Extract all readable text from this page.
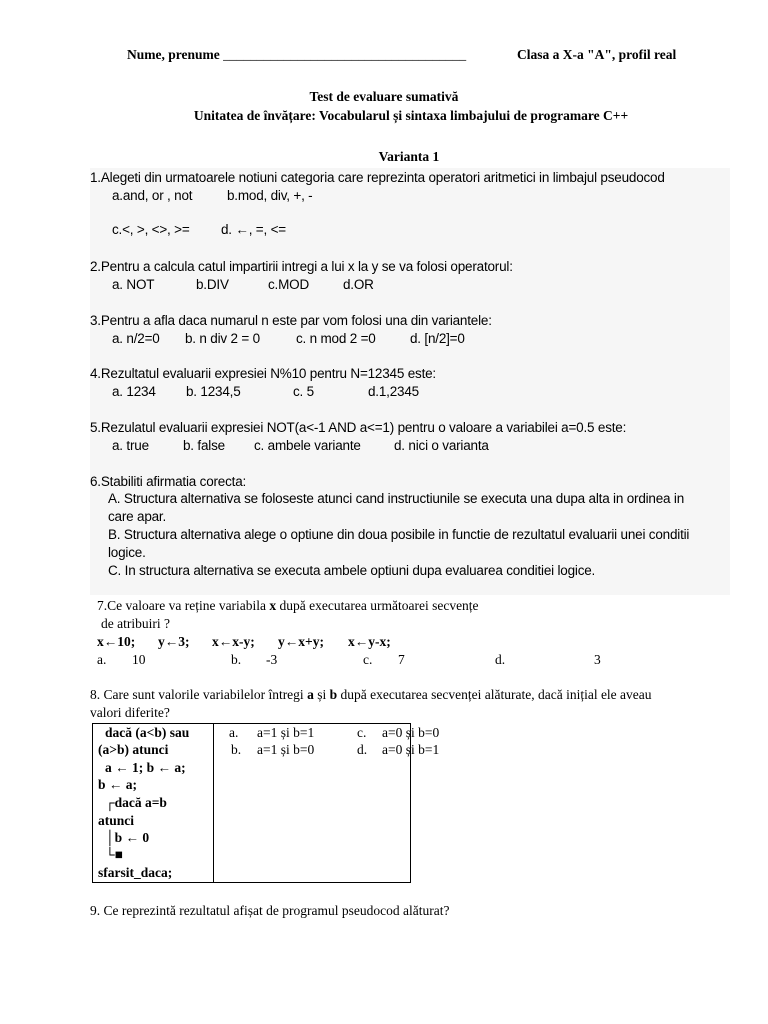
Nume, prenume ____________________________________	Clasa a X-a "A", profil real
Test de evaluare sumativă
Unitatea de învățare: Vocabularul și sintaxa limbajului de programare C++
Varianta 1
1.Alegeti din urmatoarele notiuni categoria care reprezinta operatori aritmetici in limbajul pseudocod
a.and, or , not	b.mod, div, +, -
c.<, >, <>, >= d. ←, =, <=
2.Pentru a calcula catul impartirii intregi a lui x la y se va folosi operatorul:
a. NOT	b.DIV	c.MOD	d.OR
3.Pentru a afla daca numarul n este par vom folosi una din variantele:
a. n/2=0 b. n div 2 = 0	c. n mod 2 =0	d. [n/2]=0
4.Rezultatul evaluarii expresiei N%10 pentru N=12345 este:
a. 1234 b. 1234,5	c. 5	d.1,2345
5.Rezulatul evaluarii expresiei NOT(a<-1 AND a<=1) pentru o valoare a variabilei a=0.5 este:
a. true	b. false c. ambele variante d. nici o varianta
6.Stabiliti afirmatia corecta:
A. Structura alternativa se foloseste atunci cand instructiunile se executa una dupa alta in ordinea in
care apar.
B. Structura alternativa alege o optiune din doua posibile in functie de rezultatul evaluarii unei conditii
logice.
C. In structura alternativa se executa ambele optiuni dupa evaluarea conditiei logice.
7.Ce valoare va reține variabila x după executarea următoarei secvențe
de atribuiri ?
x←10; y←3; x←x-y; y←x+y; x←y-x;
a. 10	b. -3	c. 7	d.	3
8. Care sunt valorile variabilelor întregi a și b după executarea secvenței alăturate, dacă inițial ele aveau
valori diferite?
dacă (a<b) sau
(a>b) atunci
a ← 1; b ← a;
b ← a;
┌dacă a=b
atunci
│b ← 0
└■
sfarsit_daca;

a. a=1 și b=1	c. a=0 și b=0
b. a=1 și b=0	d. a=0 și b=1
9. Ce reprezintă rezultatul afișat de programul pseudocod alăturat?
